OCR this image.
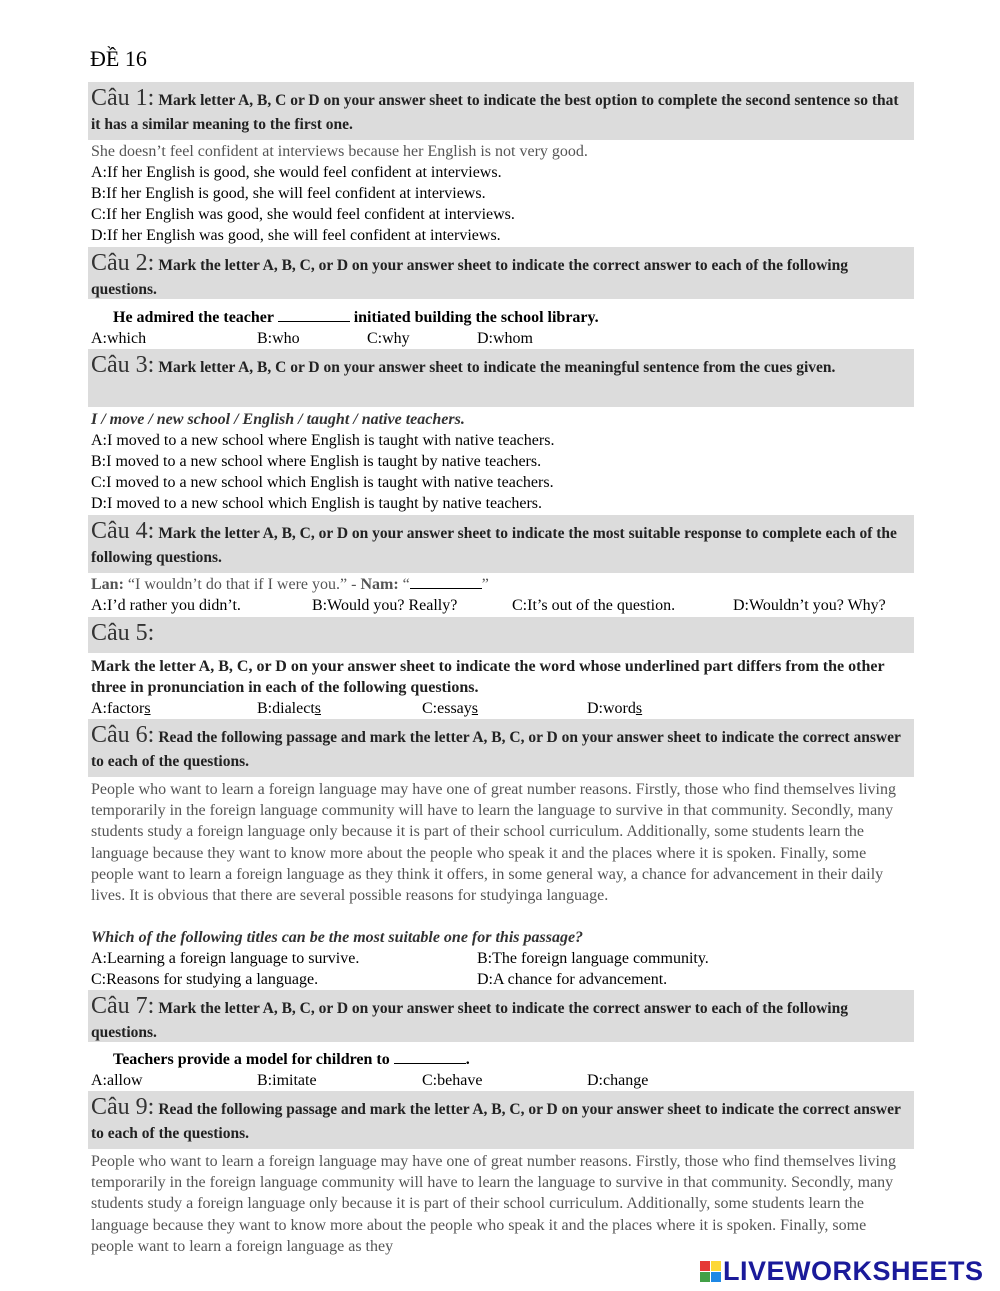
ĐỀ 16
Câu 1: Mark letter A, B, C or D on your answer sheet to indicate the best option to complete the second sentence so that it has a similar meaning to the first one.
She doesn’t feel confident at interviews because her English is not very good.
A:If her English is good, she would feel confident at interviews.
B:If her English is good, she will feel confident at interviews.
C:If her English was good, she would feel confident at interviews.
D:If her English was good, she will feel confident at interviews.
Câu 2: Mark the letter A, B, C, or D on your answer sheet to indicate the correct answer to each of the following questions.
He admired the teacher	initiated building the school library.
A:which	B:who	C:why	D:whom
Câu 3: Mark letter A, B, C or D on your answer sheet to indicate the meaningful sentence from the cues given.
I / move / new school / English / taught / native teachers.
A:I moved to a new school where English is taught with native teachers.
B:I moved to a new school where English is taught by native teachers.
C:I moved to a new school which English is taught with native teachers.
D:I moved to a new school which English is taught by native teachers.
Câu 4: Mark the letter A, B, C, or D on your answer sheet to indicate the most suitable response to complete each of the following questions.
Lan: “I wouldn’t do that if I were you.” - Nam: “	”
A:I’d rather you didn’t.	B:Would you? Really?	C:It’s out of the question.	D:Wouldn’t you? Why?
Câu 5:
Mark the letter A, B, C, or D on your answer sheet to indicate the word whose underlined part differs from the other three in pronunciation in each of the following questions.
A:factors	B:dialects	C:essays	D:words
Câu 6: Read the following passage and mark the letter A, B, C, or D on your answer sheet to indicate the correct answer to each of the questions.
People who want to learn a foreign language may have one of great number reasons. Firstly, those who find themselves living temporarily in the foreign language community will have to learn the language to survive in that community. Secondly, many students study a foreign language only because it is part of their school curriculum. Additionally, some students learn the language because they want to know more about the people who speak it and the places where it is spoken. Finally, some people want to learn a foreign language as they think it offers, in some general way, a chance for advancement in their daily lives. It is obvious that there are several possible reasons for studyinga language.
Which of the following titles can be the most suitable one for this passage?
A:Learning a foreign language to survive.	B:The foreign language community.
C:Reasons for studying a language.	D:A chance for advancement.
Câu 7: Mark the letter A, B, C, or D on your answer sheet to indicate the correct answer to each of the following questions.
Teachers provide a model for children to	.
A:allow	B:imitate	C:behave	D:change
Câu 9: Read the following passage and mark the letter A, B, C, or D on your answer sheet to indicate the correct answer to each of the questions.
People who want to learn a foreign language may have one of great number reasons. Firstly, those who find themselves living temporarily in the foreign language community will have to learn the language to survive in that community. Secondly, many students study a foreign language only because it is part of their school curriculum. Additionally, some students learn the language because they want to know more about the people who speak it and the places where it is spoken. Finally, some people want to learn a foreign language as they
LIVEWORKSHEETS
